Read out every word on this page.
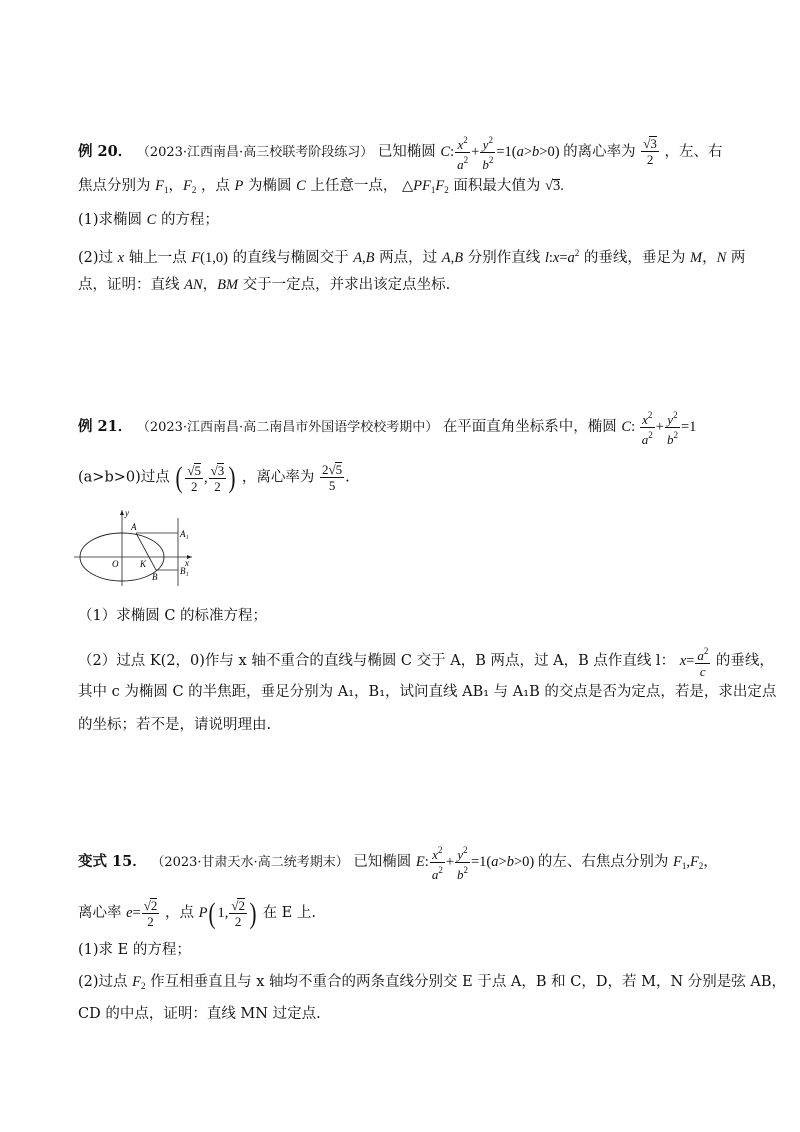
例 20． （2023·江西南昌·高三校联考阶段练习） 已知椭圆 C: $\frac{x^2}{a^2} + \frac{y^2}{b^2} =1(a>b>0)$ 的离心率为 $\frac{√3}{2}$ ，左、右
焦点分别为 $F_1$，$F_2$ ，点 P 为椭圆 C 上任意一点， $\triangle PF_1F_2$ 面积最大值为 √3.
(1)求椭圆 C 的方程；
(2)过 x 轴上一点 F(1,0) 的直线与椭圆交于 A,B 两点，过 A,B 分别作直线 $l:x=a^2$ 的垂线，垂足为 M，N 两
点，证明：直线 AN，BM 交于一定点，并求出该定点坐标.
例 21． （2023·江西南昌·高二南昌市外国语学校校考期中） 在平面直角坐标系中，椭圆 C: $\frac{x^2}{a^2} + \frac{y^2}{b^2} =1$
(a>b>0)过点 ( $\frac{√5}{2}$ , $\frac{√3}{2}$ ) ，离心率为 $\frac{2√5}{5}$ .
y
A
A₁
x
O K
B₁
B
（1）求椭圆 C 的标准方程；
（2）过点 K(2，0)作与 x 轴不重合的直线与椭圆 C 交于 A，B 两点，过 A，B 点作直线 l： $x= \frac{a^2}{c}$ 的垂线，
其中 c 为椭圆 C 的半焦距，垂足分别为 A₁，B₁，试问直线 AB₁ 与 A₁B 的交点是否为定点，若是，求出定点
的坐标；若不是，请说明理由.
变式 15． （2023·甘肃天水·高二统考期末） 已知椭圆 E: $\frac{x^2}{a^2} + \frac{y^2}{b^2} =1(a>b>0)$ 的左、右焦点分别为 $F_1,F_2$，
离心率 $e= \frac{√2}{2}$ ，点 P( 1, $\frac{√2}{2}$ ) 在 E 上.
(1)求 E 的方程；
(2)过点 $F_2$ 作互相垂直且与 x 轴均不重合的两条直线分别交 E 于点 A，B 和 C，D，若 M，N 分别是弦 AB，
CD 的中点，证明：直线 MN 过定点.
